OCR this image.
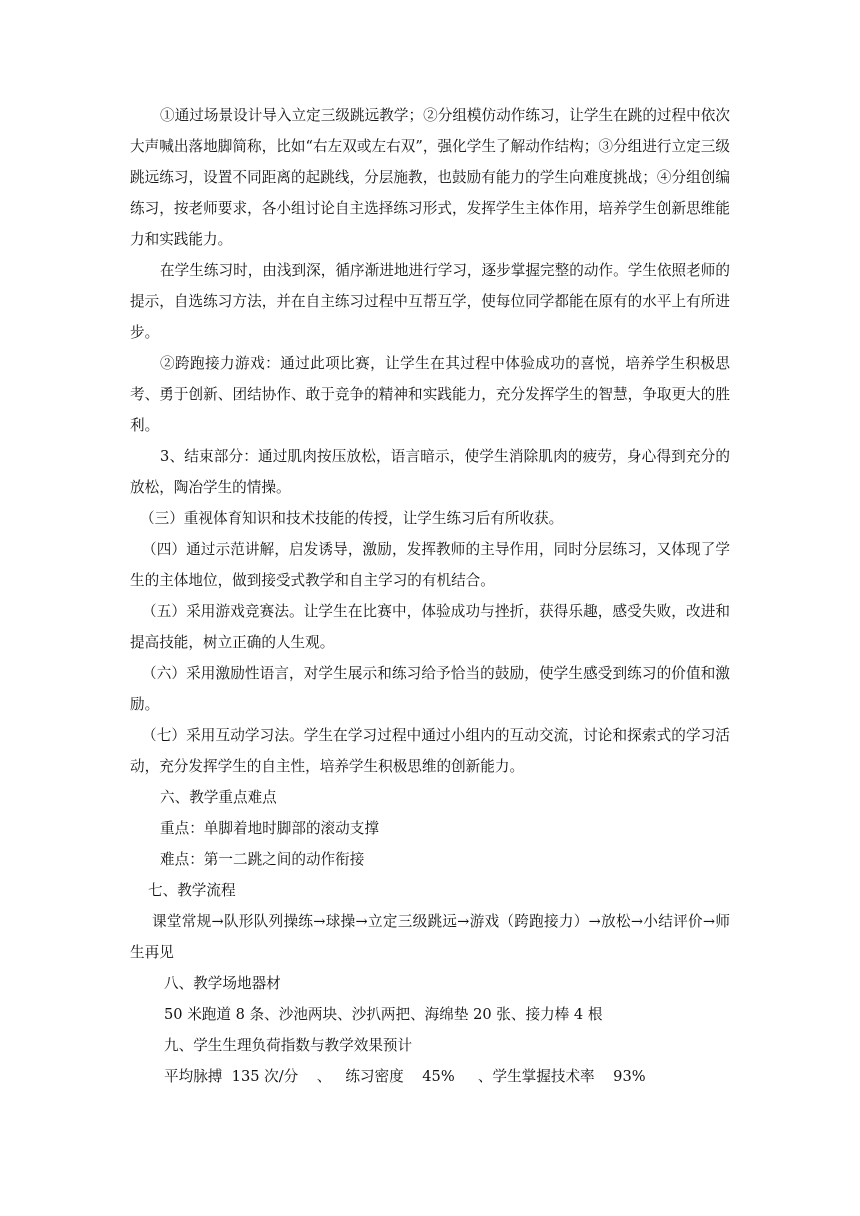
①通过场景设计导入立定三级跳远教学；②分组模仿动作练习，让学生在跳的过程中依次大声喊出落地脚简称，比如“右左双或左右双”，强化学生了解动作结构；③分组进行立定三级跳远练习，设置不同距离的起跳线，分层施教，也鼓励有能力的学生向难度挑战；④分组创编练习，按老师要求，各小组讨论自主选择练习形式，发挥学生主体作用，培养学生创新思维能力和实践能力。

在学生练习时，由浅到深，循序渐进地进行学习，逐步掌握完整的动作。学生依照老师的提示，自选练习方法，并在自主练习过程中互帮互学，使每位同学都能在原有的水平上有所进步。

②跨跑接力游戏：通过此项比赛，让学生在其过程中体验成功的喜悦，培养学生积极思考、勇于创新、团结协作、敢于竞争的精神和实践能力，充分发挥学生的智慧，争取更大的胜利。

3、结束部分：通过肌肉按压放松，语言暗示，使学生消除肌肉的疲劳，身心得到充分的放松，陶冶学生的情操。

（三）重视体育知识和技术技能的传授，让学生练习后有所收获。

（四）通过示范讲解，启发诱导，激励，发挥教师的主导作用，同时分层练习，又体现了学生的主体地位，做到接受式教学和自主学习的有机结合。

（五）采用游戏竞赛法。让学生在比赛中，体验成功与挫折，获得乐趣，感受失败，改进和提高技能，树立正确的人生观。

（六）采用激励性语言，对学生展示和练习给予恰当的鼓励，使学生感受到练习的价值和激励。

（七）采用互动学习法。学生在学习过程中通过小组内的互动交流，讨论和探索式的学习活动，充分发挥学生的自主性，培养学生积极思维的创新能力。

六、教学重点难点

重点：单脚着地时脚部的滚动支撑

难点：第一二跳之间的动作衔接

七、教学流程

课堂常规→队形队列操练→球操→立定三级跳远→游戏（跨跑接力）→放松→小结评价→师生再见

八、教学场地器材

50 米跑道 8 条、沙池两块、沙扒两把、海绵垫 20 张、接力棒 4 根

九、学生生理负荷指数与教学效果预计

平均脉搏  135 次/分    、   练习密度    45%     、学生掌握技术率    93%
